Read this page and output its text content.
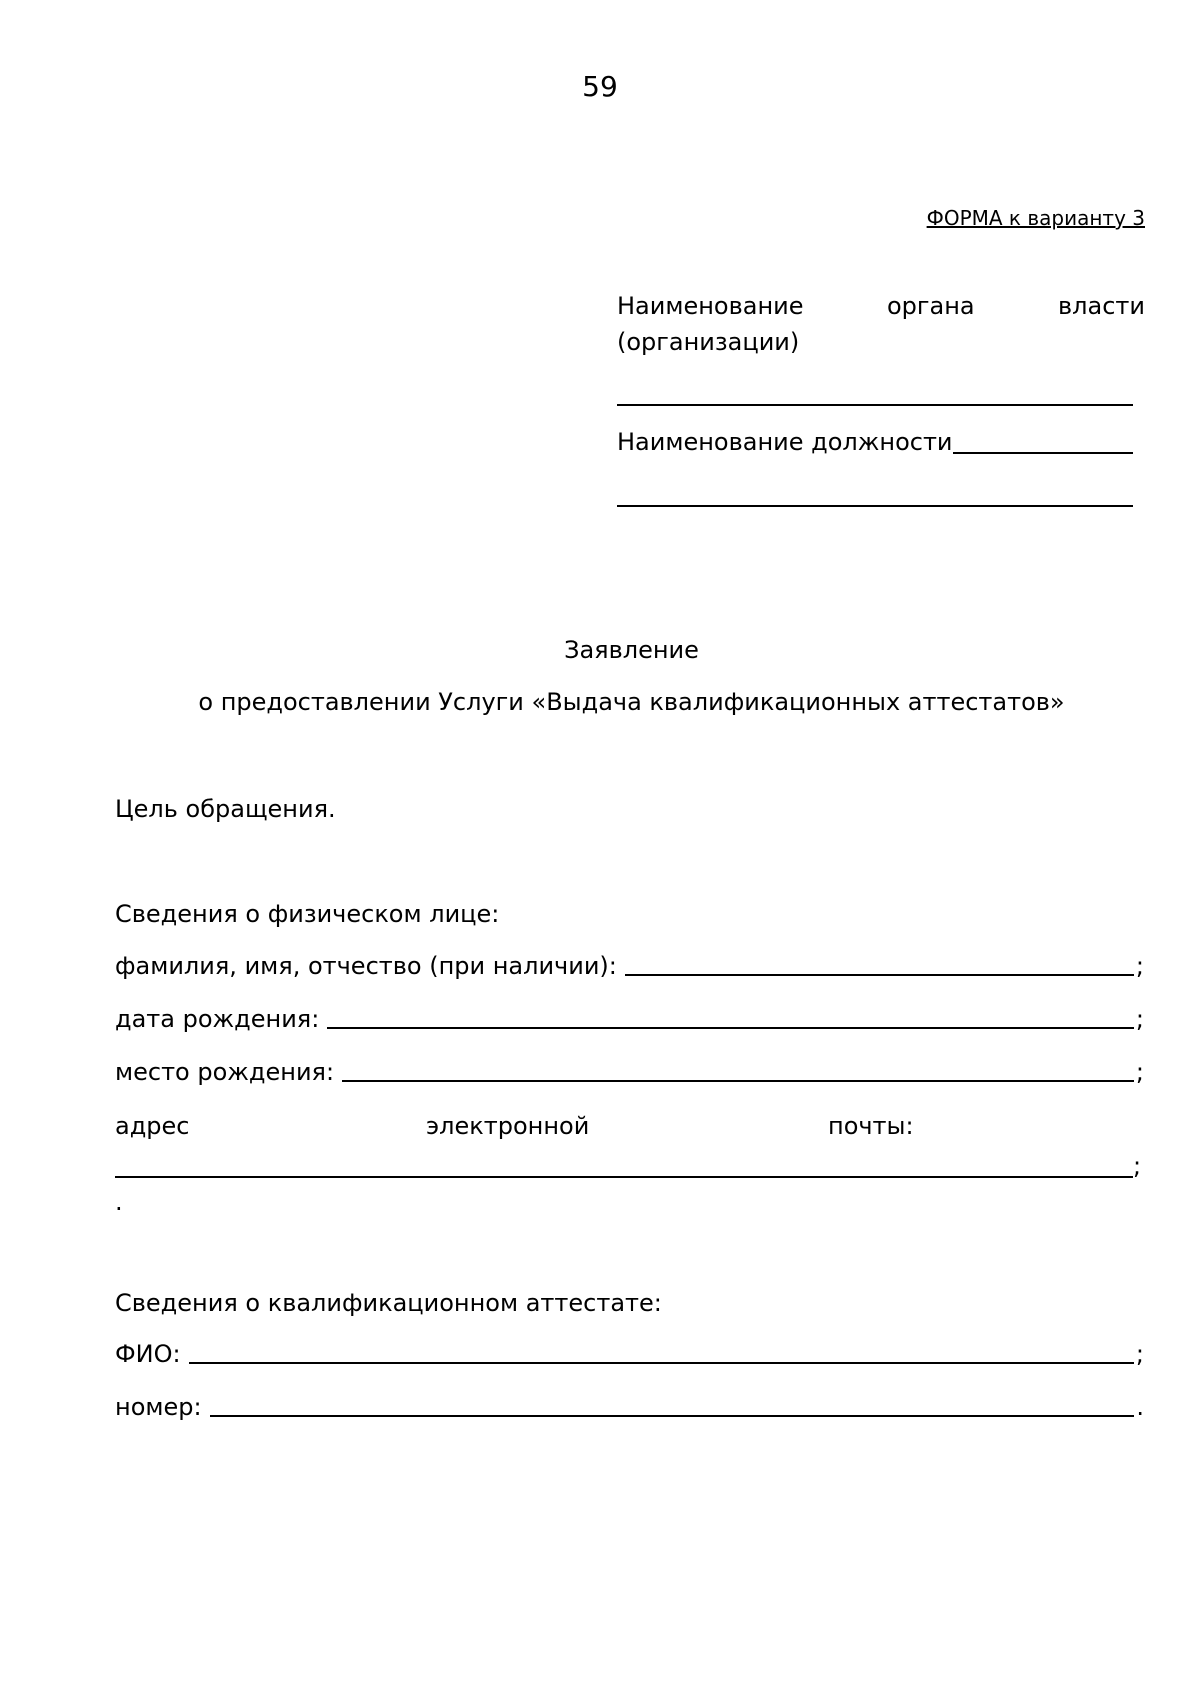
59
ФОРМА к варианту 3
Наименование	органа	власти
(организации)
Наименование должности
Заявление
о предоставлении Услуги «Выдача квалификационных аттестатов»
Цель обращения.
Сведения о физическом лице:
фамилия, имя, отчество (при наличии):	;
дата рождения:	;
место рождения:	;
адрес	электронной	почты:
;
.
Сведения о квалификационном аттестате:
ФИО:	;
номер:	.
